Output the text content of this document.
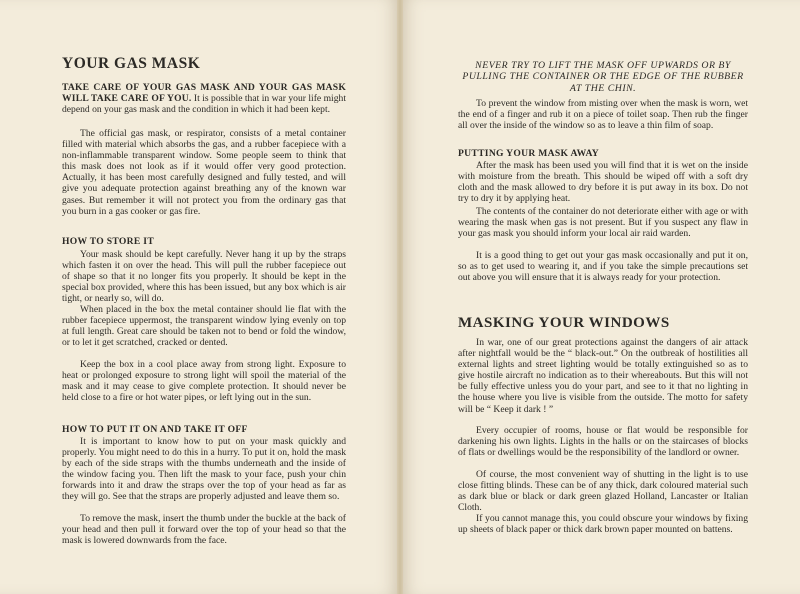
YOUR GAS MASK

TAKE CARE OF YOUR GAS MASK AND YOUR GAS MASK WILL TAKE CARE OF YOU. It is possible that in war your life might depend on your gas mask and the condition in which it had been kept.

The official gas mask, or respirator, consists of a metal container filled with material which absorbs the gas, and a rubber facepiece with a non-inflammable transparent window. Some people seem to think that this mask does not look as if it would offer very good protection. Actually, it has been most carefully designed and fully tested, and will give you adequate protection against breathing any of the known war gases. But remember it will not protect you from the ordinary gas that you burn in a gas cooker or gas fire.

HOW TO STORE IT

Your mask should be kept carefully. Never hang it up by the straps which fasten it on over the head. This will pull the rubber facepiece out of shape so that it no longer fits you properly. It should be kept in the special box provided, where this has been issued, but any box which is air tight, or nearly so, will do.

When placed in the box the metal container should lie flat with the rubber facepiece uppermost, the transparent window lying evenly on top at full length. Great care should be taken not to bend or fold the window, or to let it get scratched, cracked or dented.

Keep the box in a cool place away from strong light. Exposure to heat or prolonged exposure to strong light will spoil the material of the mask and it may cease to give complete protection. It should never be held close to a fire or hot water pipes, or left lying out in the sun.

HOW TO PUT IT ON AND TAKE IT OFF

It is important to know how to put on your mask quickly and properly. You might need to do this in a hurry. To put it on, hold the mask by each of the side straps with the thumbs underneath and the inside of the window facing you. Then lift the mask to your face, push your chin forwards into it and draw the straps over the top of your head as far as they will go. See that the straps are properly adjusted and leave them so.

To remove the mask, insert the thumb under the buckle at the back of your head and then pull it forward over the top of your head so that the mask is lowered downwards from the face.

NEVER TRY TO LIFT THE MASK OFF UPWARDS OR BY PULLING THE CONTAINER OR THE EDGE OF THE RUBBER AT THE CHIN.

To prevent the window from misting over when the mask is worn, wet the end of a finger and rub it on a piece of toilet soap. Then rub the finger all over the inside of the window so as to leave a thin film of soap.

PUTTING YOUR MASK AWAY

After the mask has been used you will find that it is wet on the inside with moisture from the breath. This should be wiped off with a soft dry cloth and the mask allowed to dry before it is put away in its box. Do not try to dry it by applying heat.

The contents of the container do not deteriorate either with age or with wearing the mask when gas is not present. But if you suspect any flaw in your gas mask you should inform your local air raid warden.

It is a good thing to get out your gas mask occasionally and put it on, so as to get used to wearing it, and if you take the simple precautions set out above you will ensure that it is always ready for your protection.

MASKING YOUR WINDOWS

In war, one of our great protections against the dangers of air attack after nightfall would be the “ black-out.” On the outbreak of hostilities all external lights and street lighting would be totally extinguished so as to give hostile aircraft no indication as to their whereabouts. But this will not be fully effective unless you do your part, and see to it that no lighting in the house where you live is visible from the outside. The motto for safety will be “ Keep it dark ! ”

Every occupier of rooms, house or flat would be responsible for darkening his own lights. Lights in the halls or on the staircases of blocks of flats or dwellings would be the responsibility of the landlord or owner.

Of course, the most convenient way of shutting in the light is to use close fitting blinds. These can be of any thick, dark coloured material such as dark blue or black or dark green glazed Holland, Lancaster or Italian Cloth.

If you cannot manage this, you could obscure your windows by fixing up sheets of black paper or thick dark brown paper mounted on battens.
